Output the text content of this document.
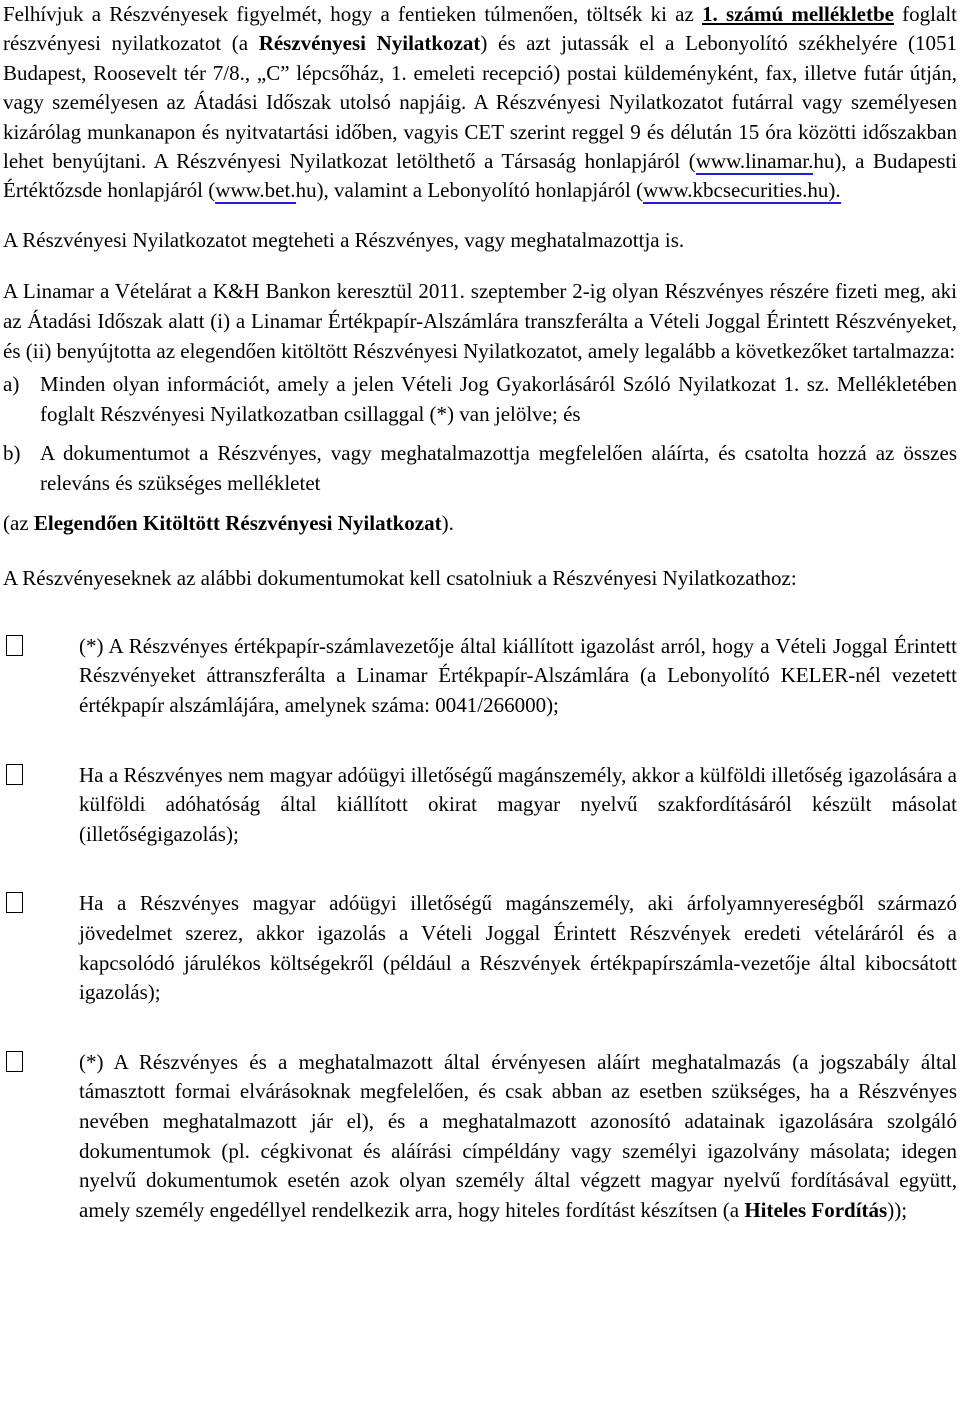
Felhívjuk a Részvényesek figyelmét, hogy a fentieken túlmenően, töltsék ki az 1. számú mellékletbe foglalt részvényesi nyilatkozatot (a Részvényesi Nyilatkozat) és azt jutassák el a Lebonyolító székhelyére (1051 Budapest, Roosevelt tér 7/8., „C” lépcsőház, 1. emeleti recepció) postai küldeményként, fax, illetve futár útján, vagy személyesen az Átadási Időszak utolsó napjáig. A Részvényesi Nyilatkozatot futárral vagy személyesen kizárólag munkanapon és nyitvatartási időben, vagyis CET szerint reggel 9 és délután 15 óra közötti időszakban lehet benyújtani. A Részvényesi Nyilatkozat letölthető a Társaság honlapjáról (www.linamar.hu), a Budapesti Értéktőzsde honlapjáról (www.bet.hu), valamint a Lebonyolító honlapjáról (www.kbcsecurities.hu).

A Részvényesi Nyilatkozatot megteheti a Részvényes, vagy meghatalmazottja is.

A Linamar a Vételárat a K&H Bankon keresztül 2011. szeptember 2-ig olyan Részvényes részére fizeti meg, aki az Átadási Időszak alatt (i) a Linamar Értékpapír-Alszámlára transzferálta a Vételi Joggal Érintett Részvényeket, és (ii) benyújtotta az elegendően kitöltött Részvényesi Nyilatkozatot, amely legalább a következőket tartalmazza:

a) Minden olyan információt, amely a jelen Vételi Jog Gyakorlásáról Szóló Nyilatkozat 1. sz. Mellékletében foglalt Részvényesi Nyilatkozatban csillaggal (*) van jelölve; és
b) A dokumentumot a Részvényes, vagy meghatalmazottja megfelelően aláírta, és csatolta hozzá az összes releváns és szükséges mellékletet

(az Elegendően Kitöltött Részvényesi Nyilatkozat).

A Részvényeseknek az alábbi dokumentumokat kell csatolniuk a Részvényesi Nyilatkozathoz:

(*) A Részvényes értékpapír-számlavezetője által kiállított igazolást arról, hogy a Vételi Joggal Érintett Részvényeket áttranszferálta a Linamar Értékpapír-Alszámlára (a Lebonyolító KELER-nél vezetett értékpapír alszámlájára, amelynek száma: 0041/266000);
Ha a Részvényes nem magyar adóügyi illetőségű magánszemély, akkor a külföldi illetőség igazolására a külföldi adóhatóság által kiállított okirat magyar nyelvű szakfordításáról készült másolat (illetőségigazolás);
Ha a Részvényes magyar adóügyi illetőségű magánszemély, aki árfolyamnyereségből származó jövedelmet szerez, akkor igazolás a Vételi Joggal Érintett Részvények eredeti vételáráról és a kapcsolódó járulékos költségekről (például a Részvények értékpapírszámla-vezetője által kibocsátott igazolás);
(*) A Részvényes és a meghatalmazott által érvényesen aláírt meghatalmazás (a jogszabály által támasztott formai elvárásoknak megfelelően, és csak abban az esetben szükséges, ha a Részvényes nevében meghatalmazott jár el), és a meghatalmazott azonosító adatainak igazolására szolgáló dokumentumok (pl. cégkivonat és aláírási címpéldány vagy személyi igazolvány másolata; idegen nyelvű dokumentumok esetén azok olyan személy által végzett magyar nyelvű fordításával együtt, amely személy engedéllyel rendelkezik arra, hogy hiteles fordítást készítsen (a Hiteles Fordítás));
